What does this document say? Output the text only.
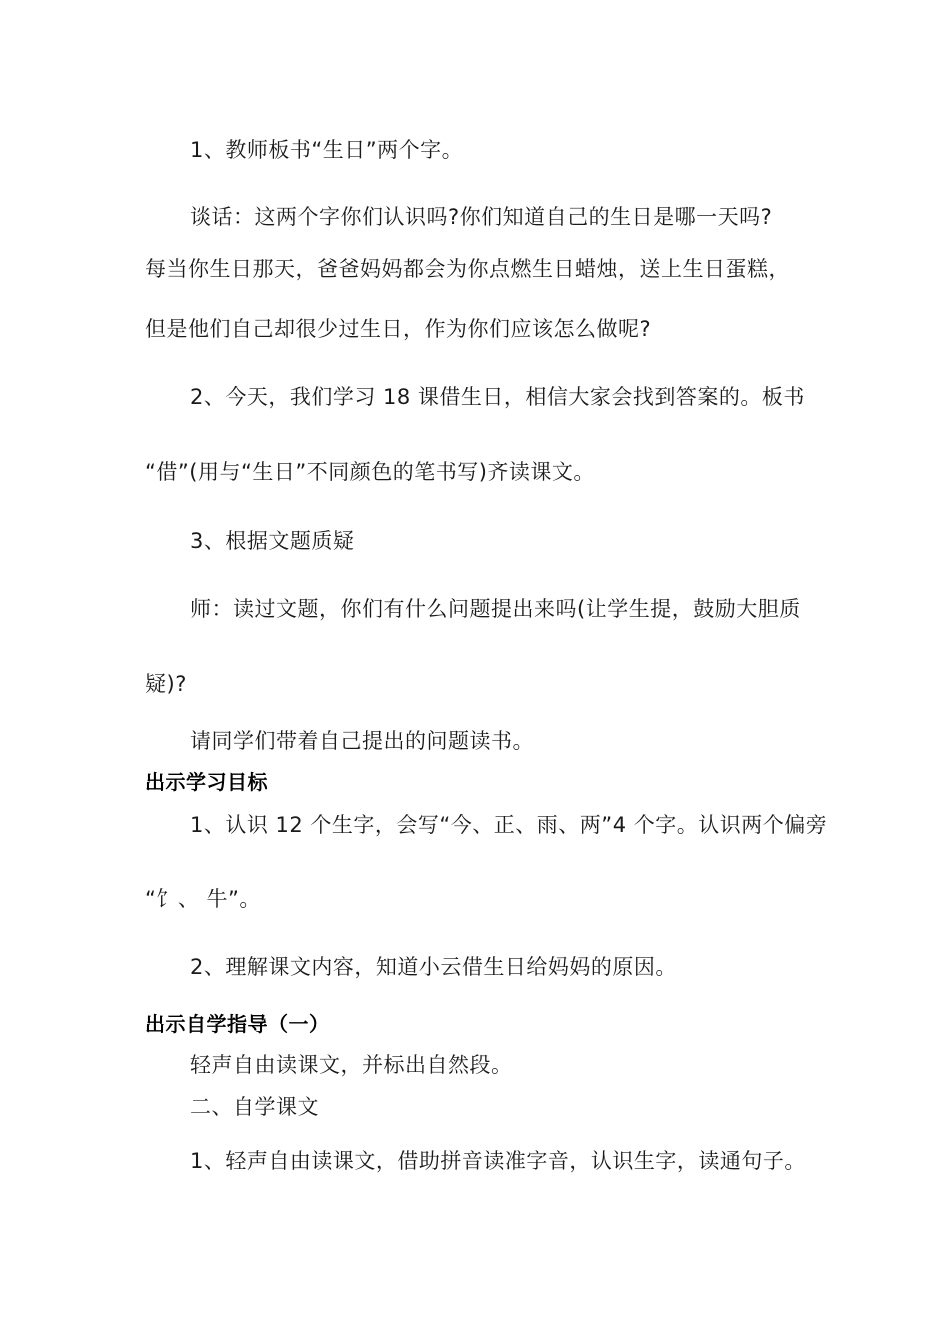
1、教师板书“生日”两个字。
谈话：这两个字你们认识吗?你们知道自己的生日是哪一天吗?
每当你生日那天，爸爸妈妈都会为你点燃生日蜡烛，送上生日蛋糕，
但是他们自己却很少过生日，作为你们应该怎么做呢?
2、今天，我们学习 18 课借生日，相信大家会找到答案的。板书
“借”(用与“生日”不同颜色的笔书写)齐读课文。
3、根据文题质疑
师：读过文题，你们有什么问题提出来吗(让学生提，鼓励大胆质
疑)?
请同学们带着自己提出的问题读书。
出示学习目标
1、认识 12 个生字，会写“今、正、雨、两”4 个字。认识两个偏旁
“饣、 牛”。
2、理解课文内容，知道小云借生日给妈妈的原因。
出示自学指导（一）
轻声自由读课文，并标出自然段。
二、自学课文
1、轻声自由读课文，借助拼音读准字音，认识生字，读通句子。
